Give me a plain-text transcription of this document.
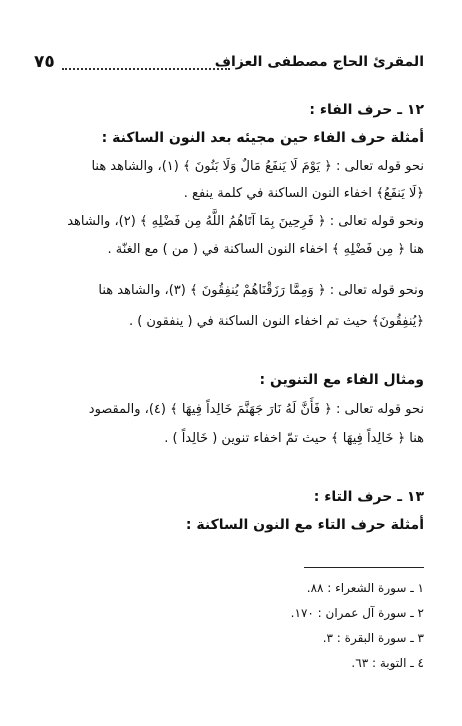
٧٥	المقرئ الحاج مصطفى العزاف
١٢ ـ حرف الفاء :
أمثلة حرف الفاء حين مجيئه بعد النون الساكنة :
نحو قوله تعالى : ﴿ يَوْمَ لَا يَنفَعُ مَالٌ وَلَا بَنُونَ ﴾ (١)، والشاهد هنا
﴿لَا يَنفَعُ﴾ اخفاء النون الساكنة في كلمة ينفع .
ونحو قوله تعالى : ﴿ فَرِحِينَ بِمَا آتَاهُمُ اللَّهُ مِن فَضْلِهِ ﴾ (٢)، والشاهد
هنا ﴿ مِن فَضْلِهِ ﴾ اخفاء النون الساكنة في ( من ) مع الغنّة .
ونحو قوله تعالى : ﴿ وَمِمَّا رَزَقْنَاهُمْ يُنفِقُونَ ﴾ (٣)، والشاهد هنا
﴿يُنفِقُونَ﴾ حيث تم اخفاء النون الساكنة في ( ينفقون ) .
ومثال الفاء مع التنوين :
نحو قوله تعالى : ﴿ فَأَنَّ لَهُ نَارَ جَهَنَّمَ خَالِداً فِيهَا ﴾ (٤)، والمقصود
هنا ﴿ خَالِداً فِيهَا ﴾ حيث تمّ اخفاء تنوين ( خَالِداً ) .
١٣ ـ حرف التاء :
أمثلة حرف التاء مع النون الساكنة :
١ ـ سورة الشعراء : ٨٨.
٢ ـ سورة آل عمران : ١٧٠.
٣ ـ سورة البقرة : ٣.
٤ ـ التوبة : ٦٣.
